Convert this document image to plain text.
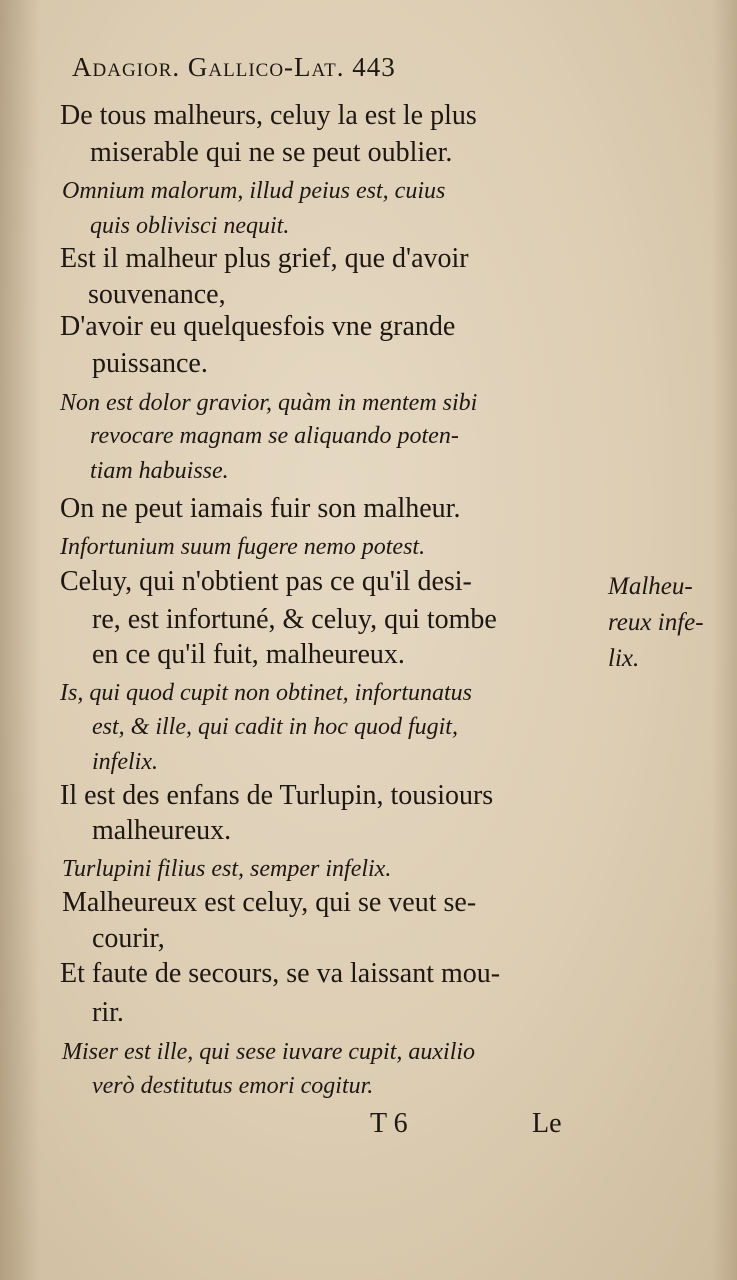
Adagior. Gallico-Lat. 443
De tous malheurs, celuy la est le plus
miserable qui ne se peut oublier.
Omnium malorum, illud peius est, cuius
quis oblivisci nequit.
Est il malheur plus grief, que d'avoir
souvenance,
D'avoir eu quelquesfois vne grande
puissance.
Non est dolor gravior, quàm in mentem sibi
revocare magnam se aliquando poten-
tiam habuisse.
On ne peut iamais fuir son malheur.
Infortunium suum fugere nemo potest.
Celuy, qui n'obtient pas ce qu'il desi-
re, est infortuné, & celuy, qui tombe
en ce qu'il fuit, malheureux.
Is, qui quod cupit non obtinet, infortunatus
est, & ille, qui cadit in hoc quod fugit,
infelix.
Il est des enfans de Turlupin, tousiours
malheureux.
Turlupini filius est, semper infelix.
Malheureux est celuy, qui se veut se-
courir,
Et faute de secours, se va laissant mou-
rir.
Miser est ille, qui sese iuvare cupit, auxilio
verò destitutus emori cogitur.
Malheu-
reux infe-
lix.
T 6	Le
